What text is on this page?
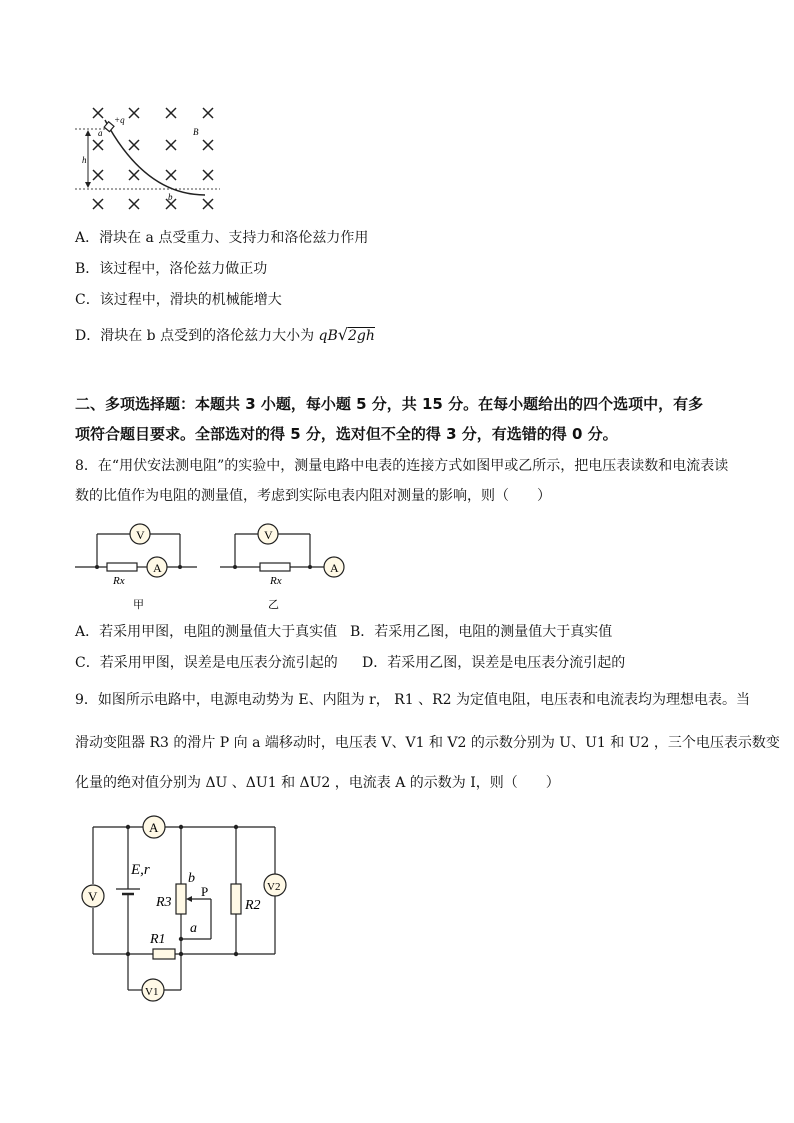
+q
a
b
B
h
A．滑块在 a 点受重力、支持力和洛伦兹力作用
B．该过程中，洛伦兹力做正功
C．该过程中，滑块的机械能增大
D．滑块在 b 点受到的洛伦兹力大小为 qB√2gh
二、多项选择题：本题共 3 小题，每小题 5 分，共 15 分。在每小题给出的四个选项中，有多
项符合题目要求。全部选对的得 5 分，选对但不全的得 3 分，有选错的得 0 分。
8．在“用伏安法测电阻”的实验中，测量电路中电表的连接方式如图甲或乙所示，把电压表读数和电流表读
数的比值作为电阻的测量值，考虑到实际电表内阻对测量的影响，则（　　）
V
A
Rx
甲
V
A
Rx
乙
A．若采用甲图，电阻的测量值大于真实值 B．若采用乙图，电阻的测量值大于真实值
C．若采用甲图，误差是电压表分流引起的 D．若采用乙图，误差是电压表分流引起的
9．如图所示电路中，电源电动势为 E、内阻为 r， R1 、R2 为定值电阻，电压表和电流表均为理想电表。当
滑动变阻器 R3 的滑片 P 向 a 端移动时，电压表 V、V1 和 V2 的示数分别为 U、U1 和 U2 ，三个电压表示数变
化量的绝对值分别为 ΔU 、ΔU1 和 ΔU2 ，电流表 A 的示数为 I，则（　　）
A
V
V2
V1
E,r
R3	R2
R1
P
b
a
